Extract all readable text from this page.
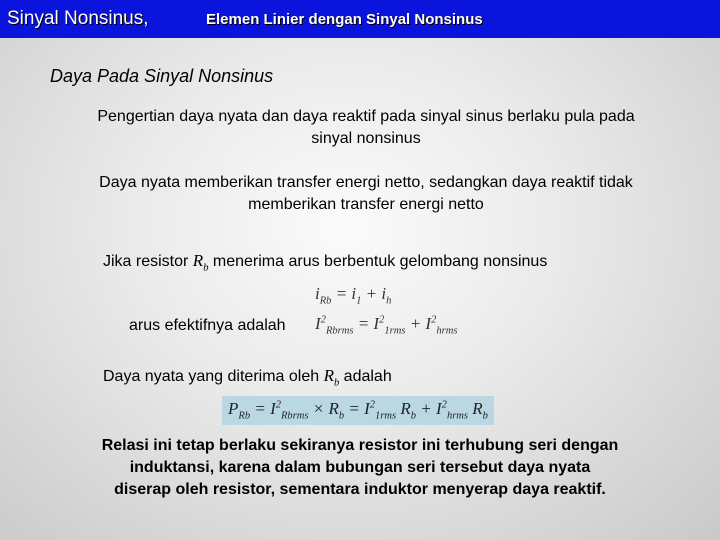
Sinyal Nonsinus,	Elemen Linier dengan Sinyal Nonsinus
Daya Pada Sinyal Nonsinus
Pengertian daya nyata dan daya reaktif pada sinyal sinus berlaku pula pada sinyal nonsinus
Daya nyata memberikan transfer energi netto, sedangkan daya reaktif tidak memberikan transfer energi netto
Jika resistor $R_b$ menerima arus berbentuk gelombang nonsinus
$i_{Rb} = i_1 + i_h$
arus efektifnya adalah $I^2_{Rbrms} = I^2_{1rms} + I^2_{hrms}$
Daya nyata yang diterima oleh $R_b$ adalah
$P_{Rb} = I^2_{Rbrms} \times R_b = I^2_{1rms}$ $R_b + I^2_{hrms}$ $R_b$
Relasi ini tetap berlaku sekiranya resistor ini terhubung seri dengan induktansi, karena dalam bubungan seri tersebut daya nyata diserap oleh resistor, sementara induktor menyerap daya reaktif.
